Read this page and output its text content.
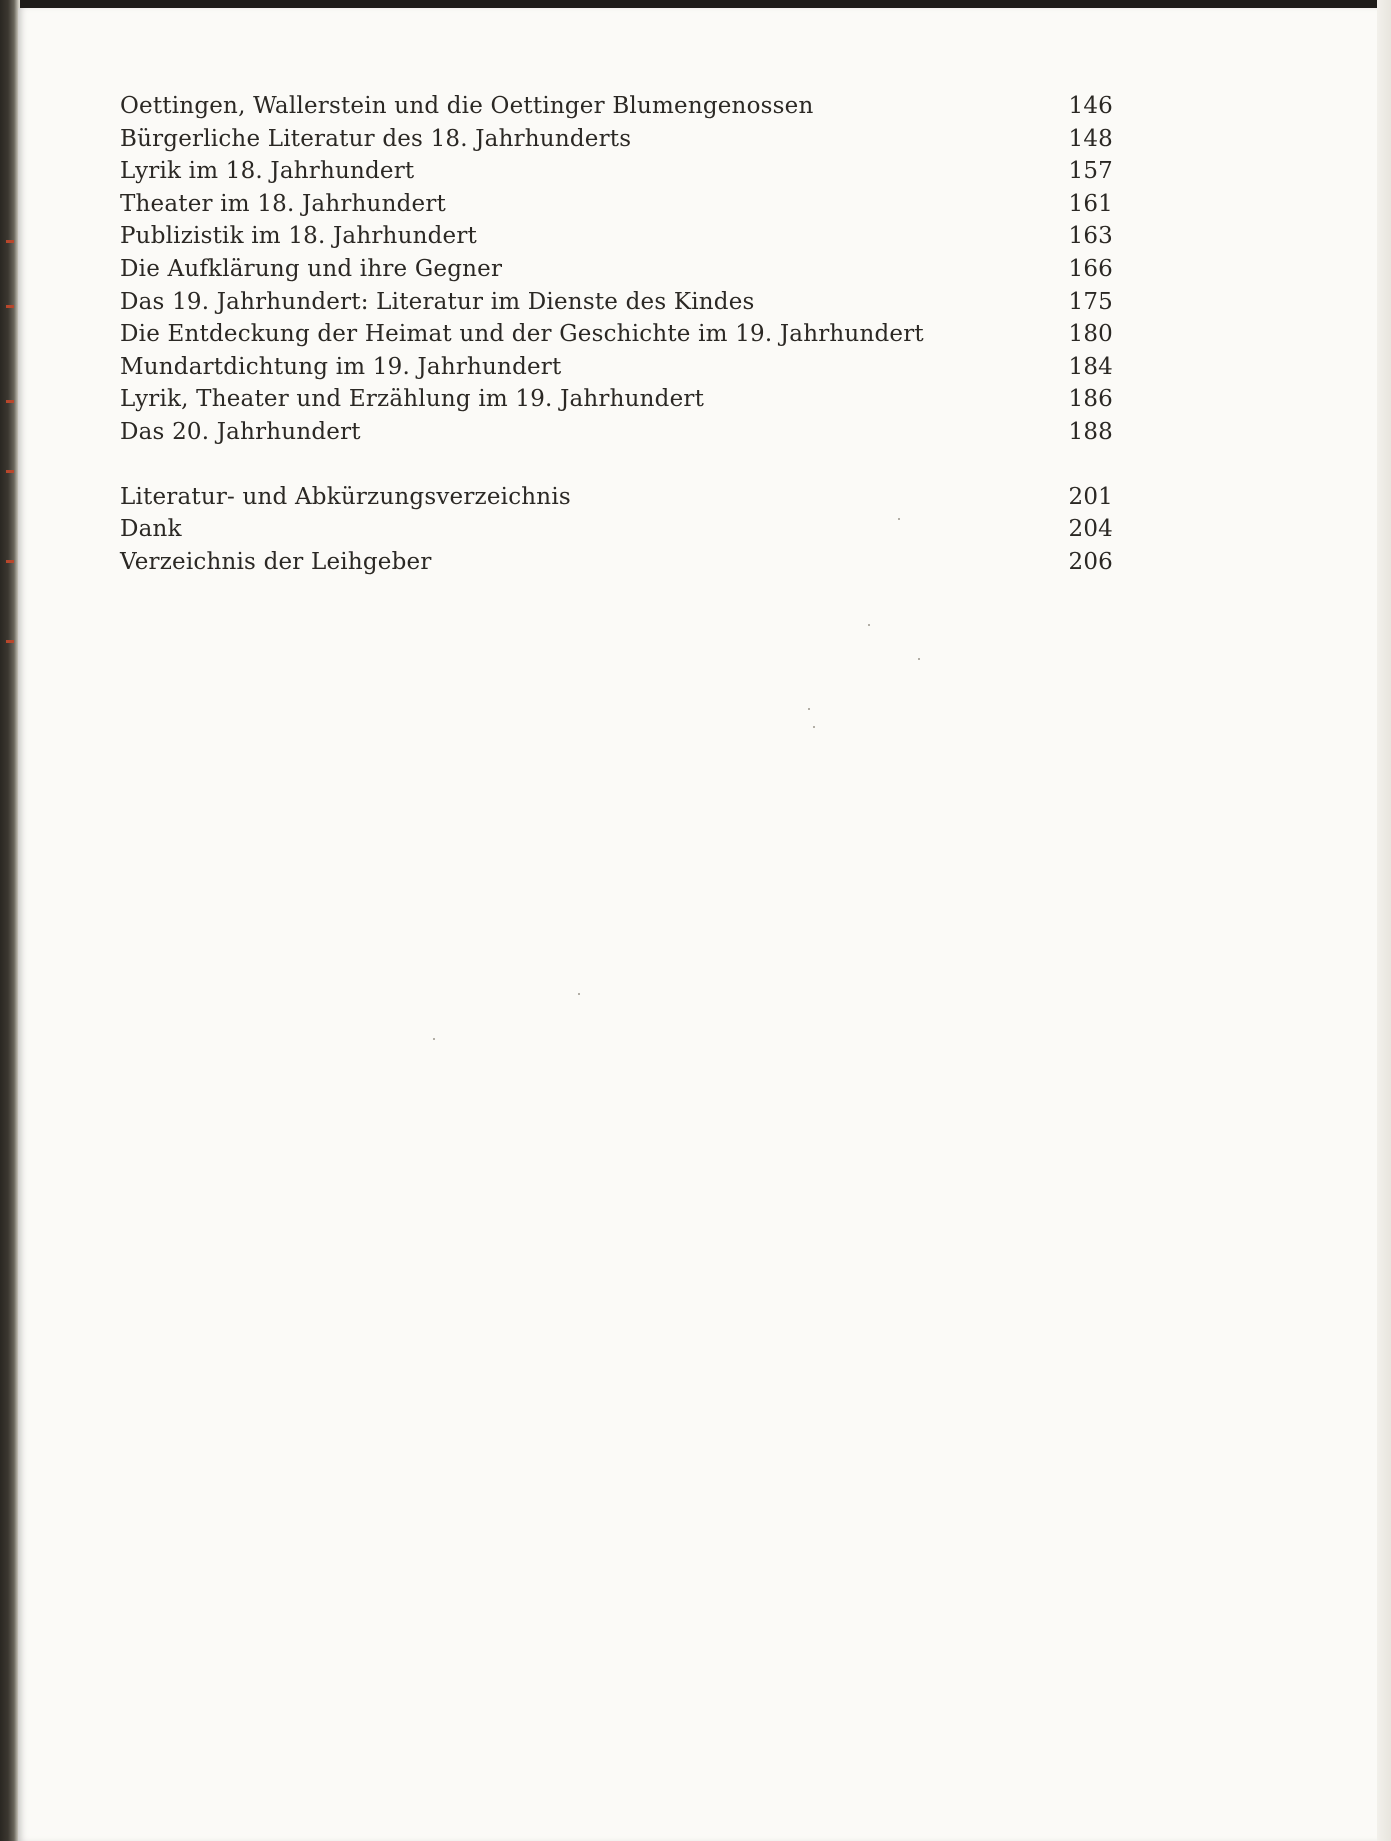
Oettingen, Wallerstein und die Oettinger Blumengenossen	146
Bürgerliche Literatur des 18. Jahrhunderts	148
Lyrik im 18. Jahrhundert	157
Theater im 18. Jahrhundert	161
Publizistik im 18. Jahrhundert	163
Die Aufklärung und ihre Gegner	166
Das 19. Jahrhundert: Literatur im Dienste des Kindes	175
Die Entdeckung der Heimat und der Geschichte im 19. Jahrhundert	180
Mundartdichtung im 19. Jahrhundert	184
Lyrik, Theater und Erzählung im 19. Jahrhundert	186
Das 20. Jahrhundert	188
Literatur- und Abkürzungsverzeichnis	201
Dank	204
Verzeichnis der Leihgeber	206
